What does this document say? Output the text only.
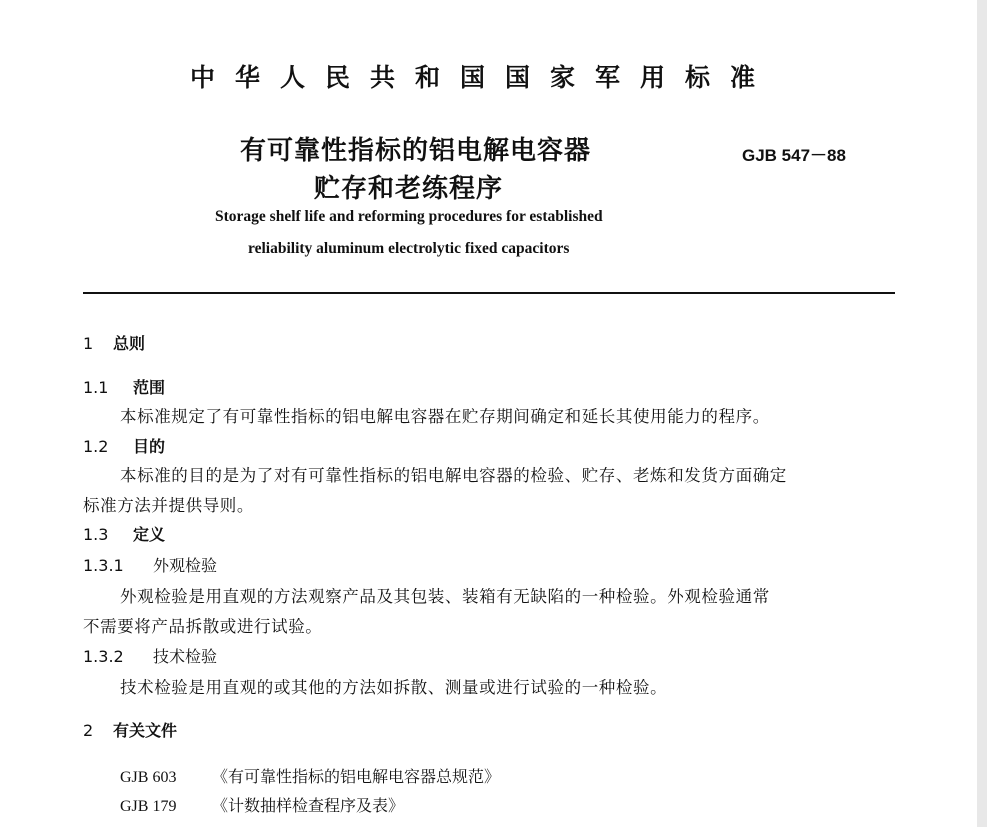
中华人民共和国国家军用标准
有可靠性指标的铝电解电容器
贮存和老练程序
GJB 547－88
Storage shelf life and reforming procedures for established
reliability aluminum electrolytic fixed capacitors
1 总则
1.1 范围
本标准规定了有可靠性指标的铝电解电容器在贮存期间确定和延长其使用能力的程序。
1.2 目的
本标准的目的是为了对有可靠性指标的铝电解电容器的检验、贮存、老炼和发货方面确定
标准方法并提供导则。
1.3 定义
1.3.1 外观检验
外观检验是用直观的方法观察产品及其包装、装箱有无缺陷的一种检验。外观检验通常
不需要将产品拆散或进行试验。
1.3.2 技术检验
技术检验是用直观的或其他的方法如拆散、测量或进行试验的一种检验。
2 有关文件
GJB 603 《有可靠性指标的铝电解电容器总规范》
GJB 179 《计数抽样检查程序及表》
